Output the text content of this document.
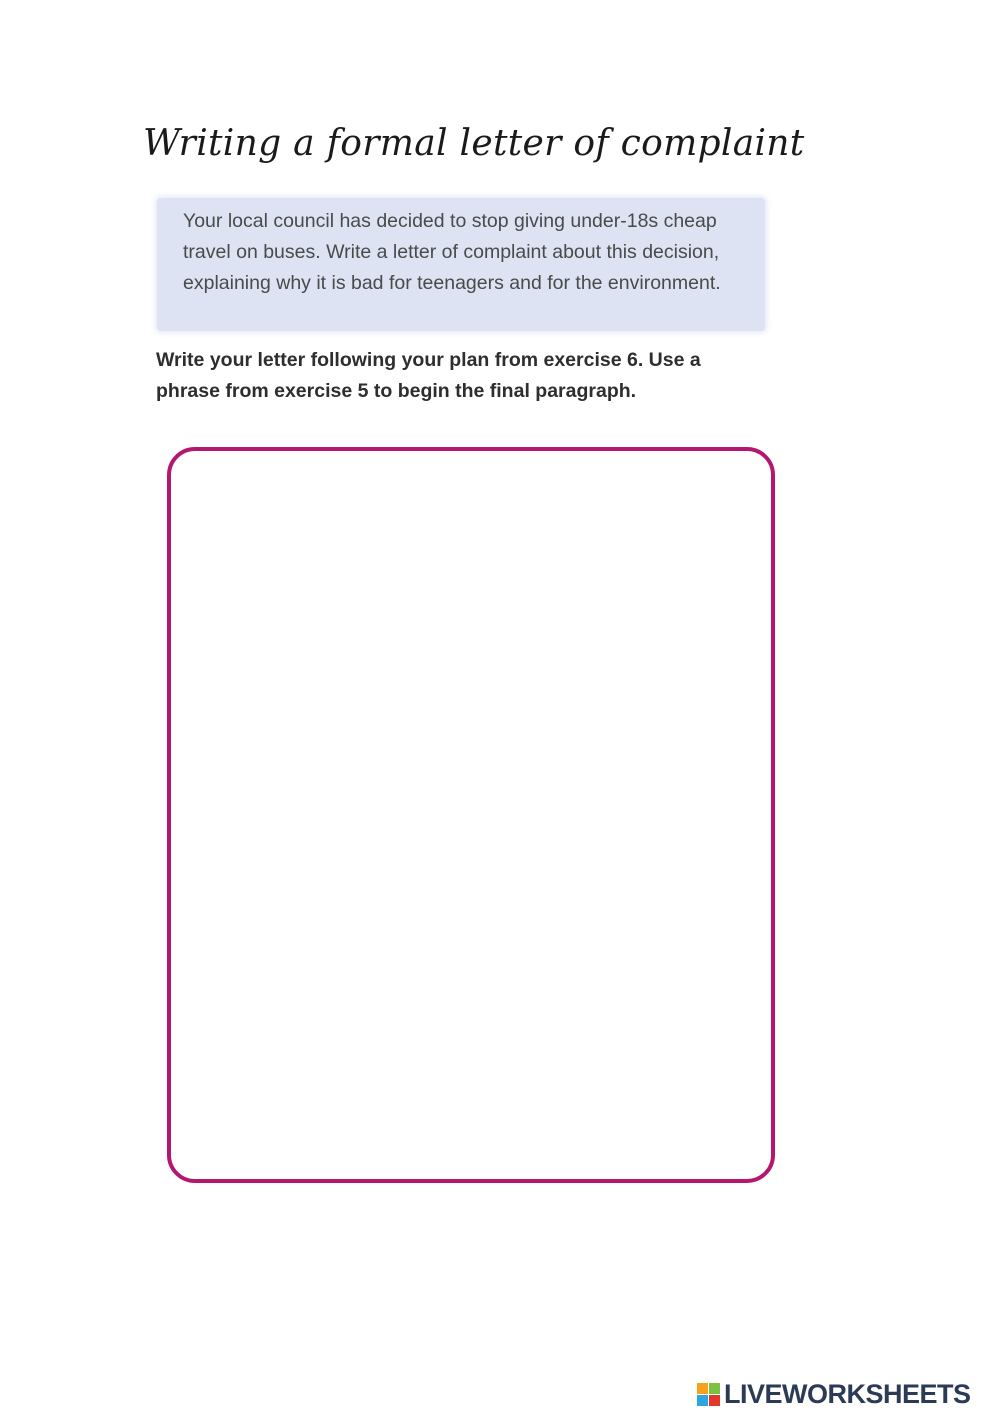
Writing a formal letter of complaint

Your local council has decided to stop giving under-18s cheap travel on buses. Write a letter of complaint about this decision, explaining why it is bad for teenagers and for the environment.

Write your letter following your plan from exercise 6. Use a phrase from exercise 5 to begin the final paragraph.

LIVEWORKSHEETS
